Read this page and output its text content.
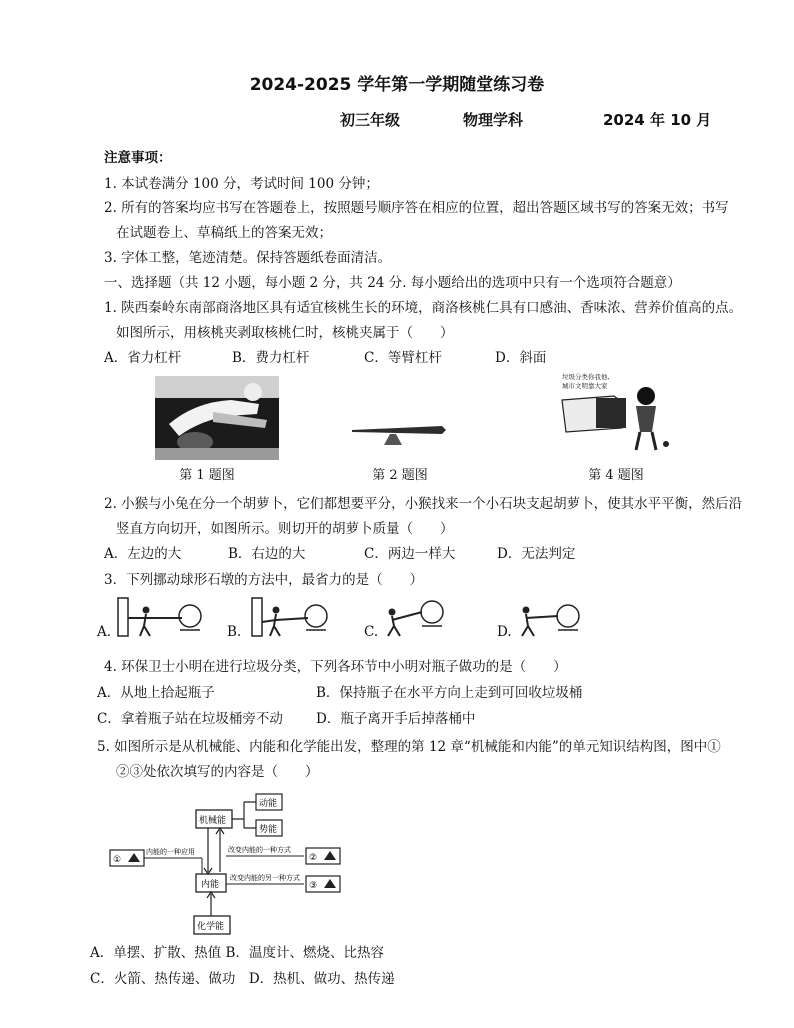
2024-2025 学年第一学期随堂练习卷
初三年级	物理学科	2024 年 10 月
注意事项：
1. 本试卷满分 100 分，考试时间 100 分钟；
2. 所有的答案均应书写在答题卷上，按照题号顺序答在相应的位置，超出答题区域书写的答案无效；书写
在试题卷上、草稿纸上的答案无效；
3. 字体工整，笔迹清楚。保持答题纸卷面清洁。
一、选择题（共 12 小题，每小题 2 分，共 24 分. 每小题给出的选项中只有一个选项符合题意）
1. 陕西秦岭东南部商洛地区具有适宜核桃生长的环境，商洛核桃仁具有口感油、香味浓、营养价值高的点。
如图所示，用核桃夹剥取核桃仁时，核桃夹属于（　　）
A．省力杠杆	B．费力杠杆	C．等臂杠杆	D．斜面
第 1 题图	第 2 题图
垃圾分类你我他,
城市文明靠大家
第 4 题图
2. 小猴与小兔在分一个胡萝卜，它们都想要平分，小猴找来一个小石块支起胡萝卜，使其水平平衡，然后沿
竖直方向切开，如图所示。则切开的胡萝卜质量（　　）
A．左边的大	B．右边的大	C．两边一样大	D．无法判定
3．下列挪动球形石墩的方法中，最省力的是（　　）
A.	B.	C.	D.
4. 环保卫士小明在进行垃圾分类，下列各环节中小明对瓶子做功的是（　　）
A．从地上拾起瓶子	B．保持瓶子在水平方向上走到可回收垃圾桶
C．拿着瓶子站在垃圾桶旁不动 D．瓶子离开手后掉落桶中
5. 如图所示是从机械能、内能和化学能出发，整理的第 12 章“机械能和内能”的单元知识结构图，图中①
②③处依次填写的内容是（　　）
机械能
动能
势能
内能
①
内能的一种应用	改变内能的一种方式
②
改变内能的另一种方式
③
化学能
A．单摆、扩散、热值 B．温度计、燃烧、比热容
C．火箭、热传递、做功　D．热机、做功、热传递
